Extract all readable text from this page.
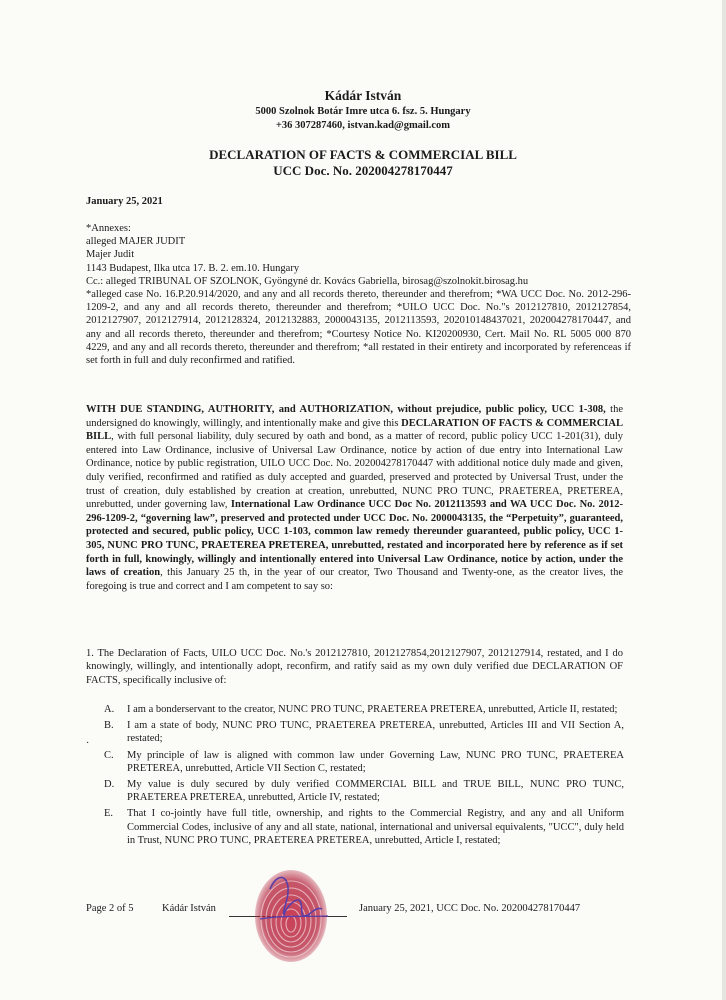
Kádár István
5000 Szolnok Botár Imre utca 6. fsz. 5. Hungary
+36 307287460, istvan.kad@gmail.com
DECLARATION OF FACTS & COMMERCIAL BILL
UCC Doc. No. 202004278170447
January 25, 2021
*Annexes:
alleged MAJER JUDIT
Majer Judit
1143 Budapest, Ilka utca 17. B. 2. em.10. Hungary
Cc.: alleged TRIBUNAL OF SZOLNOK, Gyöngyné dr. Kovács Gabriella, birosag@szolnokit.birosag.hu
*alleged case No. 16.P.20.914/2020, and any and all records thereto, thereunder and therefrom; *WA UCC Doc. No. 2012-296-1209-2, and any and all records thereto, thereunder and therefrom; *UILO UCC Doc. No."s 2012127810, 2012127854, 2012127907, 2012127914, 2012128324, 2012132883, 2000043135, 2012113593, 202010148437021, 202004278170447, and any and all records thereto, thereunder and therefrom; *Courtesy Notice No. KI20200930, Cert. Mail No. RL 5005 000 870 4229, and any and all records thereto, thereunder and therefrom; *all restated in their entirety and incorporated by referenceas if set forth in full and duly reconfirmed and ratified.
WITH DUE STANDING, AUTHORITY, and AUTHORIZATION, without prejudice, public policy, UCC 1-308, the undersigned do knowingly, willingly, and intentionally make and give this DECLARATION OF FACTS & COMMERCIAL BILL, with full personal liability, duly secured by oath and bond, as a matter of record, public policy UCC 1-201(31), duly entered into Law Ordinance, inclusive of Universal Law Ordinance, notice by action of due entry into International Law Ordinance, notice by public registration, UILO UCC Doc. No. 202004278170447 with additional notice duly made and given, duly verified, reconfirmed and ratified as duly accepted and guarded, preserved and protected by Universal Trust, under the trust of creation, duly established by creation at creation, unrebutted, NUNC PRO TUNC, PRAETEREA, PRETEREA, unrebutted, under governing law, International Law Ordinance UCC Doc No. 2012113593 and WA UCC Doc. No. 2012-296-1209-2, “governing law”, preserved and protected under UCC Doc. No. 2000043135, the “Perpetuity”, guaranteed, protected and secured, public policy, UCC 1-103, common law remedy thereunder guaranteed, public policy, UCC 1-305, NUNC PRO TUNC, PRAETEREA PRETEREA, unrebutted, restated and incorporated here by reference as if set forth in full, knowingly, willingly and intentionally entered into Universal Law Ordinance, notice by action, under the laws of creation, this January 25 th, in the year of our creator, Two Thousand and Twenty-one, as the creator lives, the foregoing is true and correct and I am competent to say so:
1. The Declaration of Facts, UILO UCC Doc. No.'s 2012127810, 2012127854,2012127907, 2012127914, restated, and I do knowingly, willingly, and intentionally adopt, reconfirm, and ratify said as my own duly verified due DECLARATION OF FACTS, specifically inclusive of:
·
A. I am a bonderservant to the creator, NUNC PRO TUNC, PRAETEREA PRETEREA, unrebutted, Article II, restated;
B. I am a state of body, NUNC PRO TUNC, PRAETEREA PRETEREA, unrebutted, Articles III and VII Section A, restated;
C. My principle of law is aligned with common law under Governing Law, NUNC PRO TUNC, PRAETEREA PRETEREA, unrebutted, Article VII Section C, restated;
D. My value is duly secured by duly verified COMMERCIAL BILL and TRUE BILL, NUNC PRO TUNC, PRAETEREA PRETEREA, unrebutted, Article IV, restated;
E. That I co-jointly have full title, ownership, and rights to the Commercial Registry, and any and all Uniform Commercial Codes, inclusive of any and all state, national, international and universal equivalents, "UCC", duly held in Trust, NUNC PRO TUNC, PRAETEREA PRETEREA, unrebutted, Article I, restated;
Page 2 of 5	Kádár István	January 25, 2021, UCC Doc. No. 202004278170447
